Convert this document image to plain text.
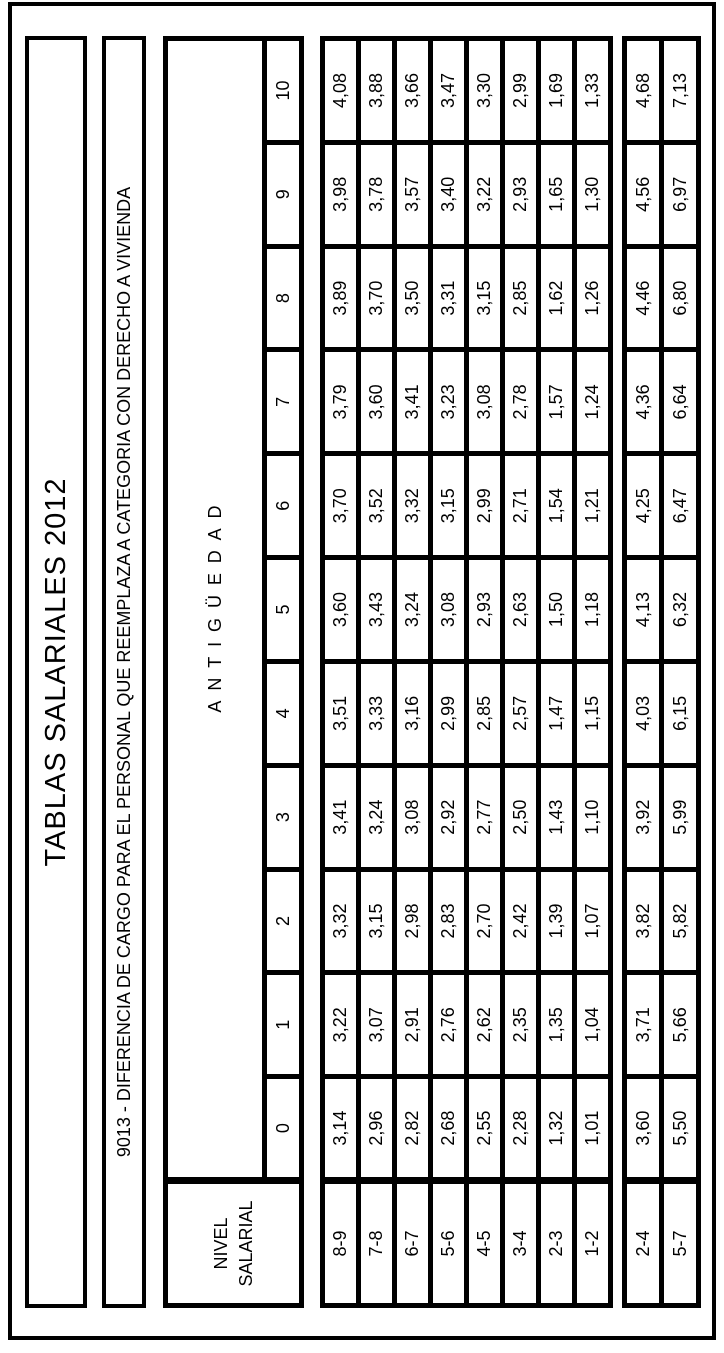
TABLAS SALARIALES 2012 9013 - DIFERENCIA DE CARGO PARA EL PERSONAL QUE REEMPLAZA A CATEGORIA CON DERECHO A VIVIENDA
NIVEL SALARIAL	ANTIGÜEDAD										
	0	1	2	3	4	5	6	7	8	9	10
8-9	3,14	3,22	3,32	3,41	3,51	3,60	3,70	3,79	3,89	3,98	4,08
7-8	2,96	3,07	3,15	3,24	3,33	3,43	3,52	3,60	3,70	3,78	3,88
6-7	2,82	2,91	2,98	3,08	3,16	3,24	3,32	3,41	3,50	3,57	3,66
5-6	2,68	2,76	2,83	2,92	2,99	3,08	3,15	3,23	3,31	3,40	3,47
4-5	2,55	2,62	2,70	2,77	2,85	2,93	2,99	3,08	3,15	3,22	3,30
3-4	2,28	2,35	2,42	2,50	2,57	2,63	2,71	2,78	2,85	2,93	2,99
2-3	1,32	1,35	1,39	1,43	1,47	1,50	1,54	1,57	1,62	1,65	1,69
1-2	1,01	1,04	1,07	1,10	1,15	1,18	1,21	1,24	1,26	1,30	1,33
2-4	3,60	3,71	3,82	3,92	4,03	4,13	4,25	4,36	4,46	4,56	4,68
5-7	5,50	5,66	5,82	5,99	6,15	6,32	6,47	6,64	6,80	6,97	7,13
